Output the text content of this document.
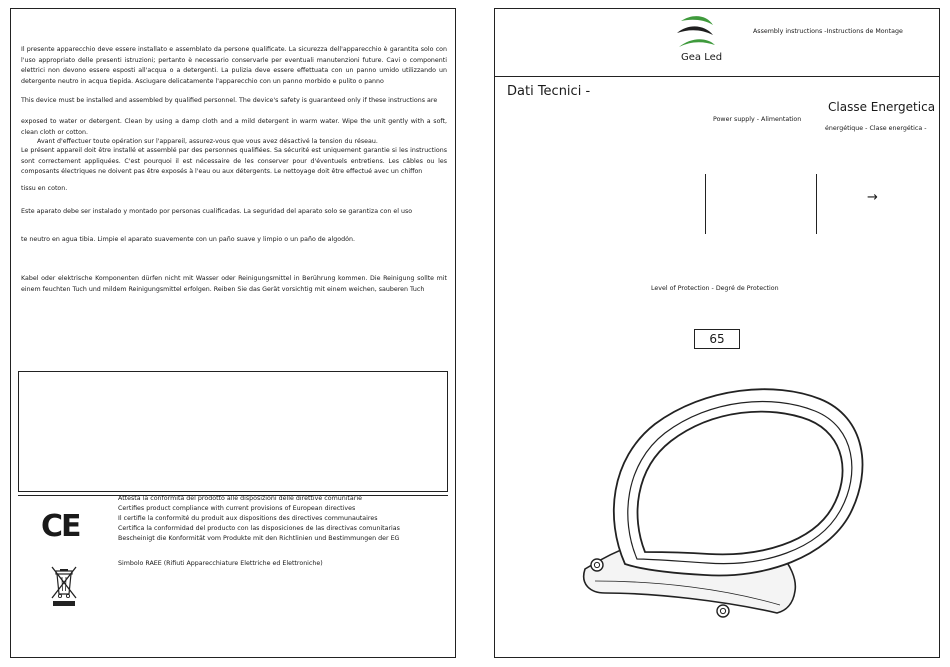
Il presente apparecchio deve essere installato e assemblato da persone qualificate. La sicurezza dell'apparecchio è garantita solo con l'uso appropriato delle presenti istruzioni; pertanto è necessario conservarle per eventuali manutenzioni future. Cavi o componenti elettrici non devono essere esposti all'acqua o a detergenti. La pulizia deve essere effettuata con un panno umido utilizzando un detergente neutro in acqua tiepida. Asciugare delicatamente l'apparecchio con un panno morbido e pulito o panno

This device must be installed and assembled by qualified personnel. The device's safety is guaranteed only if these instructions are

exposed to water or detergent. Clean by using a damp cloth and a mild detergent in warm water. Wipe the unit gently with a soft, clean cloth or cotton.

Avant d'effectuer toute opération sur l'appareil, assurez-vous que vous avez désactivé la tension du réseau.

Le présent appareil doit être installé et assemblé par des personnes qualifiées. Sa sécurité est uniquement garantie si les instructions sont correctement appliquées. C'est pourquoi il est nécessaire de les conserver pour d'éventuels entretiens. Les câbles ou les composants électriques ne doivent pas être exposés à l'eau ou aux détergents. Le nettoyage doit être effectué avec un chiffon

tissu en coton.

Este aparato debe ser instalado y montado por personas cualificadas. La seguridad del aparato solo se garantiza con el uso

te neutro en agua tibia. Limpie el aparato suavemente con un paño suave y limpio o un paño de algodón.

Kabel oder elektrische Komponenten dürfen nicht mit Wasser oder Reinigungsmittel in Berührung kommen. Die Reinigung sollte mit einem feuchten Tuch und mildem Reinigungsmittel erfolgen. Reiben Sie das Gerät vorsichtig mit einem weichen, sauberen Tuch

CE

Attesta la conformità del prodotto alle disposizioni delle direttive comunitarie

Certifies product compliance with current provisions of European directives

Il certifie la conformité du produit aux dispositions des directives communautaires

Certifica la conformidad del producto con las disposiciones de las directivas comunitarias

Bescheinigt die Konformität vom Produkte mit den Richtlinien und Bestimmungen der EG

Simbolo RAEE (Rifiuti Apparecchiature Elettriche ed Elettroniche)

Gea Led
Assembly instructions -Instructions de Montage
Dati Tecnici -
Classe Energetica
énergétique - Clase energética -
Power supply - Alimentation
→
Level of Protection - Degré de Protection
65
